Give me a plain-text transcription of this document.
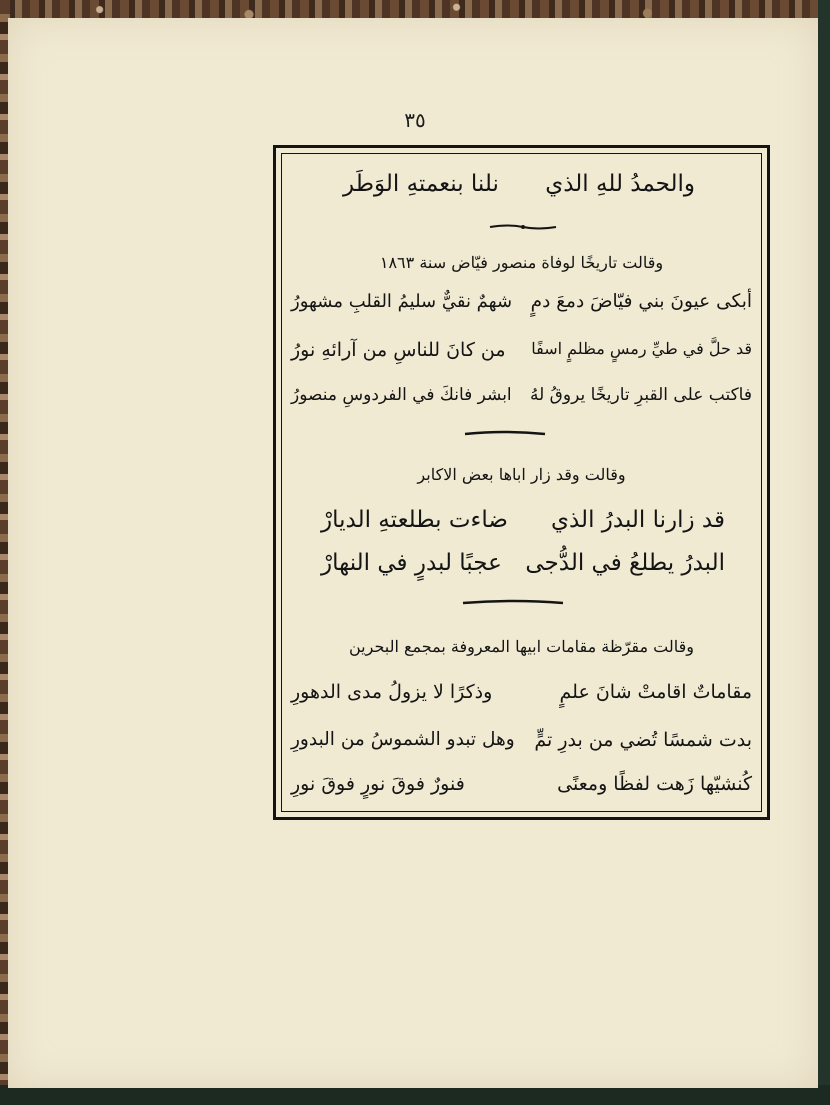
٣٥
والحمدُ للهِ الذي
نلنا بنعمتهِ الوَطَر
وقالت تاريخًا لوفاة منصور فيّاض سنة ١٨٦٣
أبكى عيونَ بني فيّاضَ دمعَ دمٍ
شهمٌ نقيٌّ سليمُ القلبِ مشهورُ
قد حلَّ في طيِّ رمسٍ مظلمٍ اسفًا
من كانَ للناسِ من آرائهِ نورُ
فاكتب على القبرِ تاريخًا يروقُ لهُ
ابشر فانكَ في الفردوسِ منصورُ
وقالت وقد زار اباها بعض الاكابر
قد زارنا البدرُ الذي
ضاءت بطلعتهِ الديارْ
البدرُ يطلعُ في الدُّجى
عجبًا لبدرٍ في النهارْ
وقالت مقرّظة مقامات ابيها المعروفة بمجمع البحرين
مقاماتٌ اقامتْ شانَ علمٍ
وذكرًا لا يزولُ مدى الدهورِ
بدت شمسًا تُضي من بدرِ تمٍّ
وهل تبدو الشموسُ من البدورِ
كُنشيّها زَهت لفظًا ومعنًى
فنورٌ فوقَ نورٍ فوقَ نورِ
